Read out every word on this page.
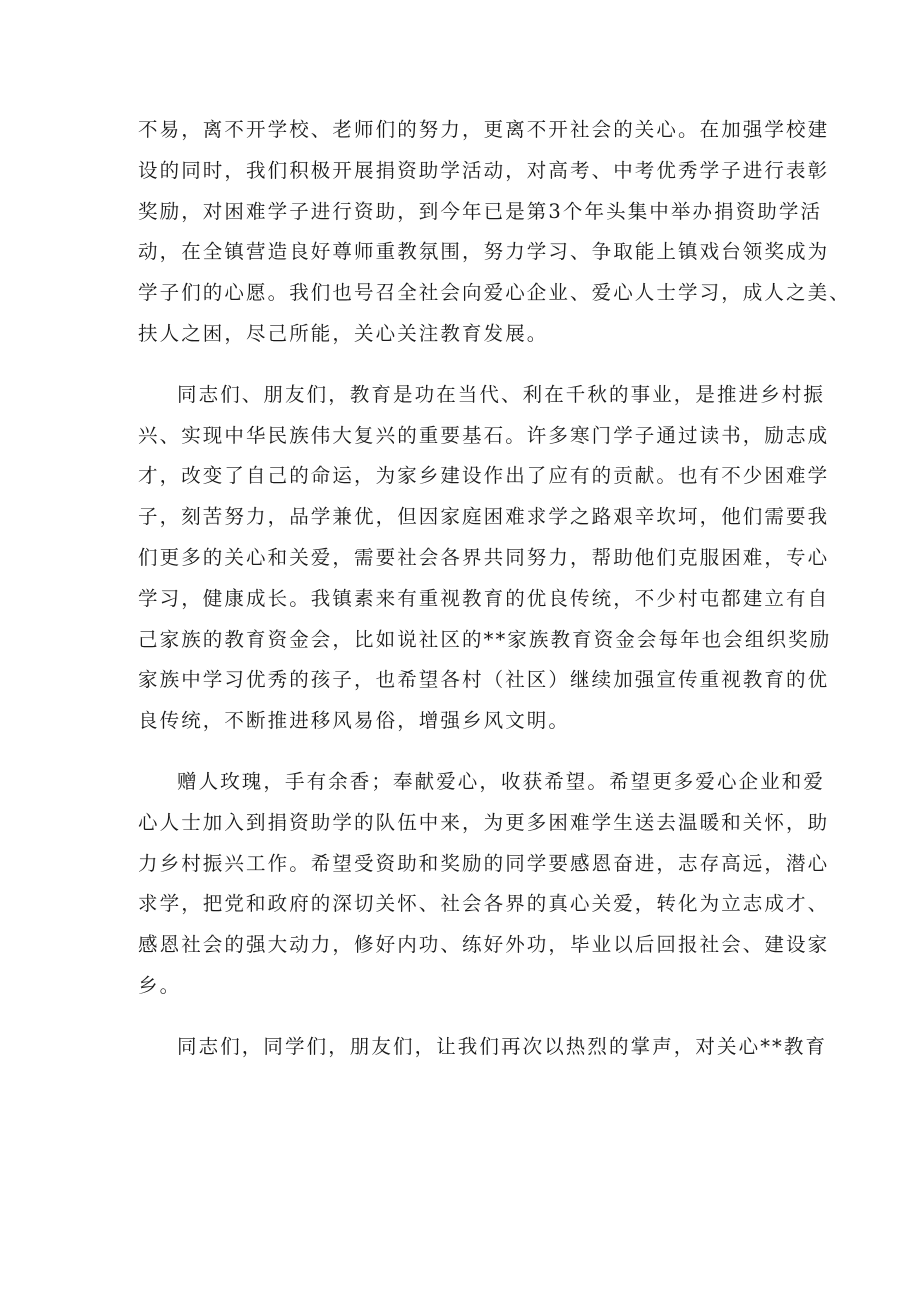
不易，离不开学校、老师们的努力，更离不开社会的关心。在加强学校建
设的同时，我们积极开展捐资助学活动，对高考、中考优秀学子进行表彰
奖励，对困难学子进行资助，到今年已是第3个年头集中举办捐资助学活
动，在全镇营造良好尊师重教氛围，努力学习、争取能上镇戏台领奖成为
学子们的心愿。我们也号召全社会向爱心企业、爱心人士学习，成人之美、
扶人之困，尽己所能，关心关注教育发展。
同志们、朋友们，教育是功在当代、利在千秋的事业，是推进乡村振
兴、实现中华民族伟大复兴的重要基石。许多寒门学子通过读书，励志成
才，改变了自己的命运，为家乡建设作出了应有的贡献。也有不少困难学
子，刻苦努力，品学兼优，但因家庭困难求学之路艰辛坎坷，他们需要我
们更多的关心和关爱，需要社会各界共同努力，帮助他们克服困难，专心
学习，健康成长。我镇素来有重视教育的优良传统，不少村屯都建立有自
己家族的教育资金会，比如说社区的**家族教育资金会每年也会组织奖励
家族中学习优秀的孩子，也希望各村（社区）继续加强宣传重视教育的优
良传统，不断推进移风易俗，增强乡风文明。
赠人玫瑰，手有余香；奉献爱心，收获希望。希望更多爱心企业和爱
心人士加入到捐资助学的队伍中来，为更多困难学生送去温暖和关怀，助
力乡村振兴工作。希望受资助和奖励的同学要感恩奋进，志存高远，潜心
求学，把党和政府的深切关怀、社会各界的真心关爱，转化为立志成才、
感恩社会的强大动力，修好内功、练好外功，毕业以后回报社会、建设家
乡。
同志们，同学们，朋友们，让我们再次以热烈的掌声，对关心**教育
